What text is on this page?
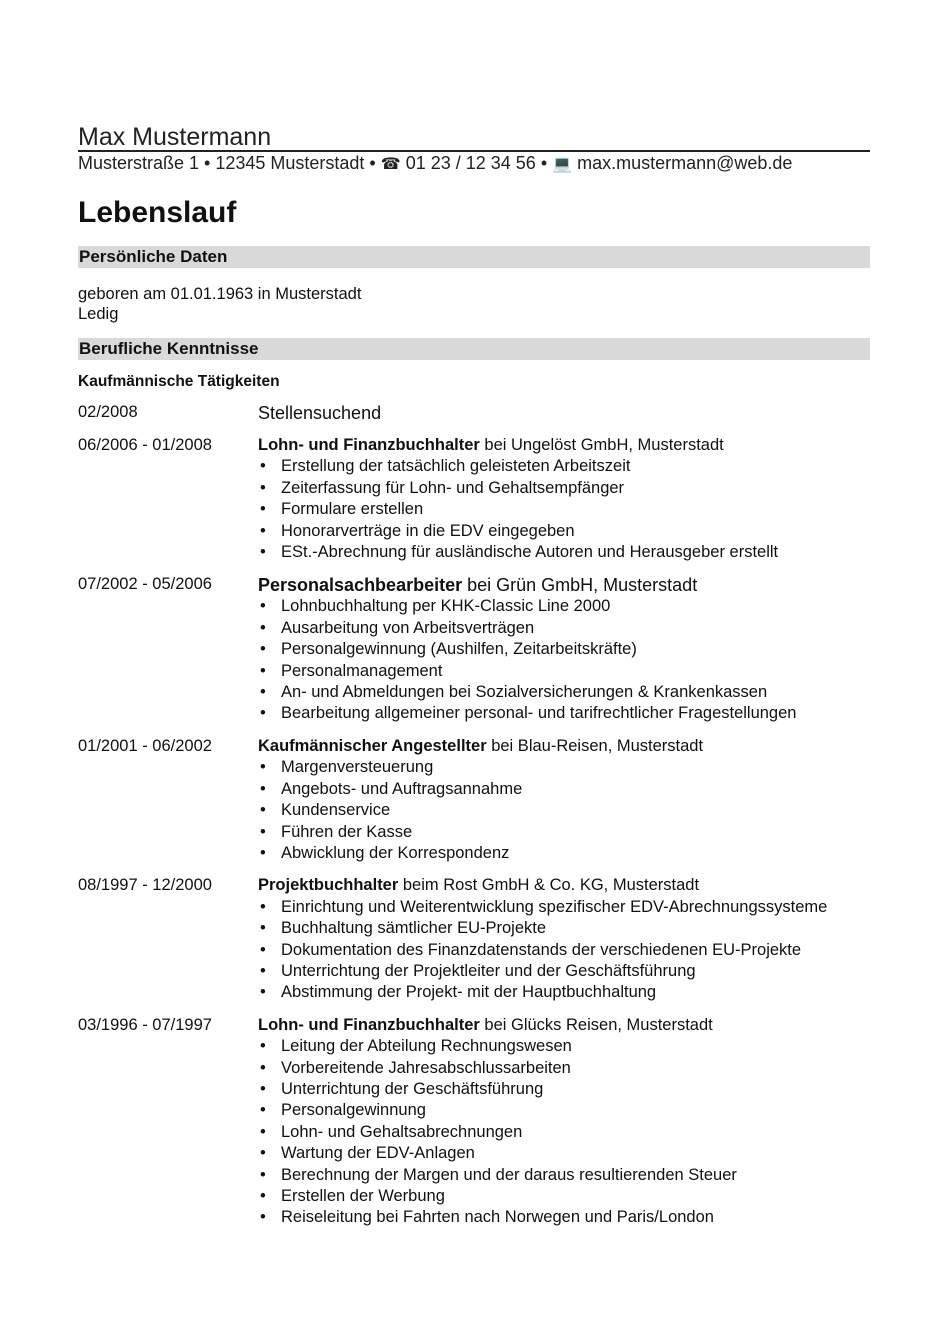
Max Mustermann
Musterstraße 1 • 12345 Musterstadt • ☎ 01 23 / 12 34 56 • 💻 max.mustermann@web.de
Lebenslauf
Persönliche Daten
geboren am 01.01.1963 in Musterstadt
Ledig
Berufliche Kenntnisse
Kaufmännische Tätigkeiten
02/2008	Stellensuchend
06/2006 - 01/2008	Lohn- und Finanzbuchhalter bei Ungelöst GmbH, Musterstadt
• Erstellung der tatsächlich geleisteten Arbeitszeit
• Zeiterfassung für Lohn- und Gehaltsempfänger
• Formulare erstellen
• Honorarverträge in die EDV eingegeben
• ESt.-Abrechnung für ausländische Autoren und Herausgeber erstellt
07/2002 - 05/2006	Personalsachbearbeiter bei Grün GmbH, Musterstadt
• Lohnbuchhaltung per KHK-Classic Line 2000
• Ausarbeitung von Arbeitsverträgen
• Personalgewinnung (Aushilfen, Zeitarbeitskräfte)
• Personalmanagement
• An- und Abmeldungen bei Sozialversicherungen & Krankenkassen
• Bearbeitung allgemeiner personal- und tarifrechtlicher Fragestellungen
01/2001 - 06/2002	Kaufmännischer Angestellter bei Blau-Reisen, Musterstadt
• Margenversteuerung
• Angebots- und Auftragsannahme
• Kundenservice
• Führen der Kasse
• Abwicklung der Korrespondenz
08/1997 - 12/2000	Projektbuchhalter beim Rost GmbH & Co. KG, Musterstadt
• Einrichtung und Weiterentwicklung spezifischer EDV-Abrechnungssysteme
• Buchhaltung sämtlicher EU-Projekte
• Dokumentation des Finanzdatenstands der verschiedenen EU-Projekte
• Unterrichtung der Projektleiter und der Geschäftsführung
• Abstimmung der Projekt- mit der Hauptbuchhaltung
03/1996 - 07/1997	Lohn- und Finanzbuchhalter bei Glücks Reisen, Musterstadt
• Leitung der Abteilung Rechnungswesen
• Vorbereitende Jahresabschlussarbeiten
• Unterrichtung der Geschäftsführung
• Personalgewinnung
• Lohn- und Gehaltsabrechnungen
• Wartung der EDV-Anlagen
• Berechnung der Margen und der daraus resultierenden Steuer
• Erstellen der Werbung
• Reiseleitung bei Fahrten nach Norwegen und Paris/London
